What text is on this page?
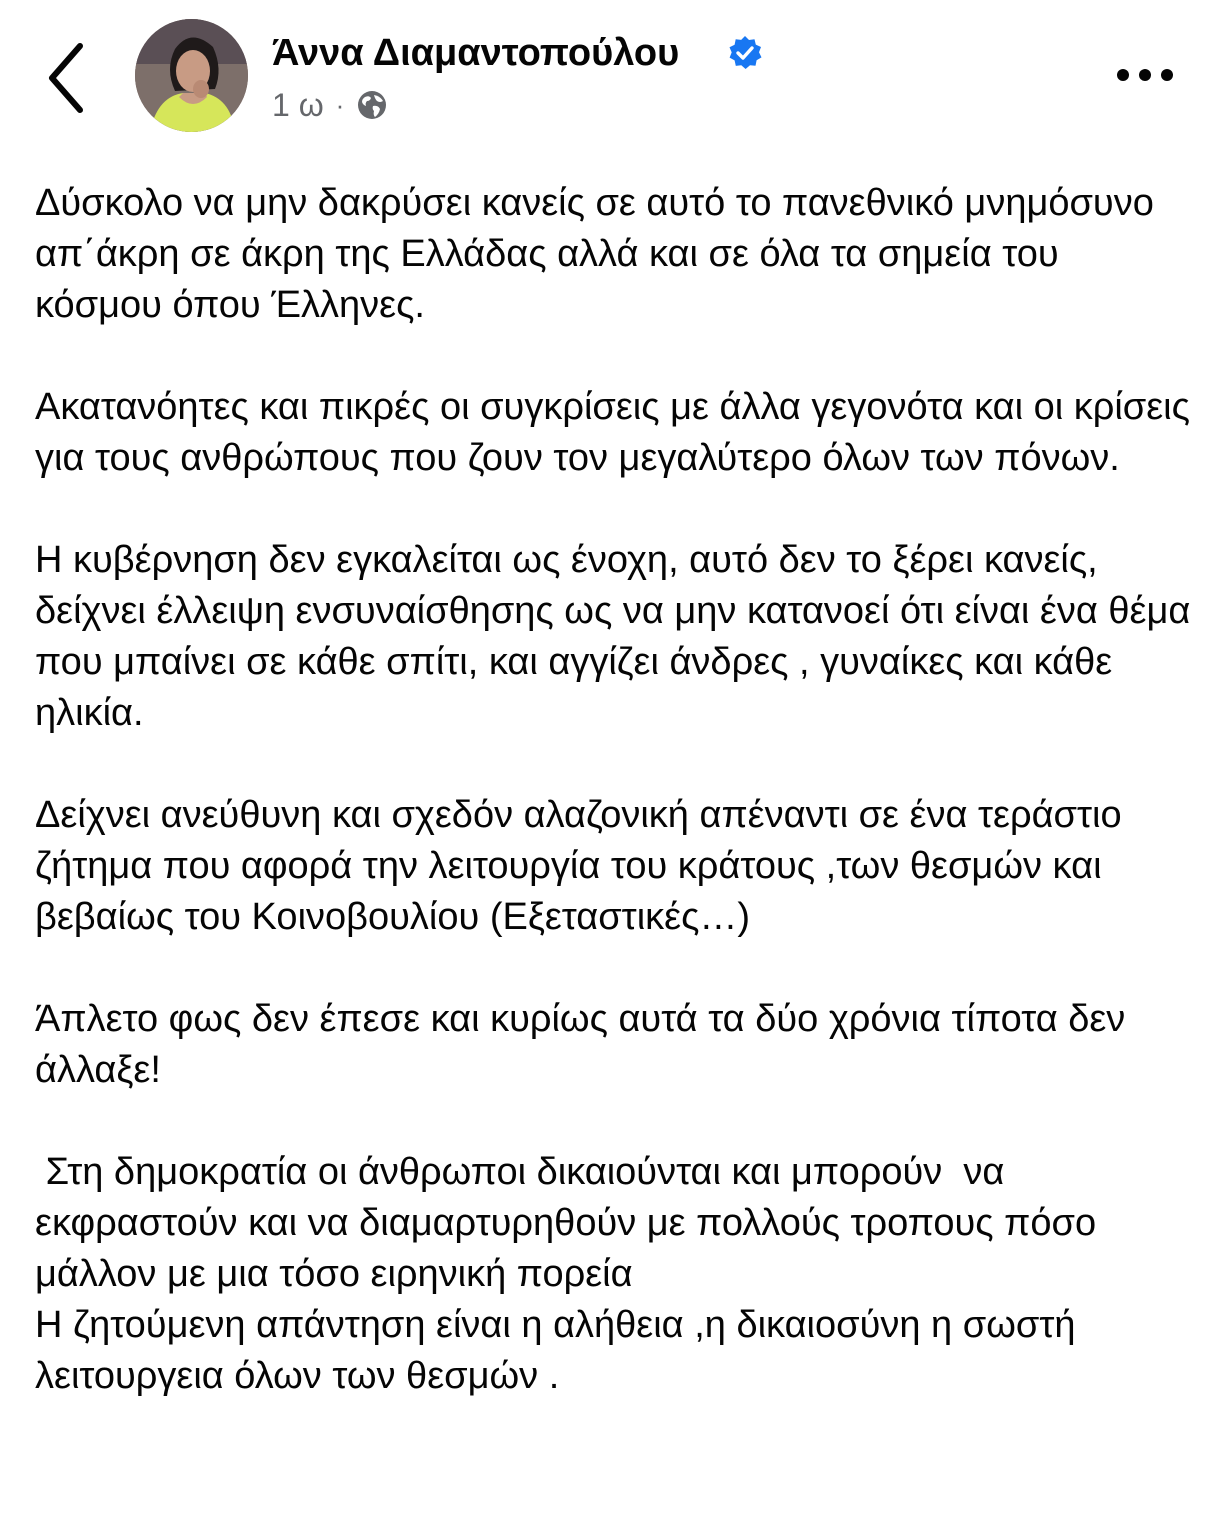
Άννα Διαμαντοπούλου
1 ω ·

Δύσκολο να μην δακρύσει κανείς σε αυτό το πανεθνικό μνημόσυνο απ΄άκρη σε άκρη της Ελλάδας αλλά και σε όλα τα σημεία του κόσμου όπου Έλληνες.

Ακατανόητες και πικρές οι συγκρίσεις με άλλα γεγονότα και οι κρίσεις για τους ανθρώπους που ζουν τον μεγαλύτερο όλων των πόνων.

Η κυβέρνηση δεν εγκαλείται ως ένοχη, αυτό δεν το ξέρει κανείς, δείχνει έλλειψη ενσυναίσθησης ως να μην κατανοεί ότι είναι ένα θέμα που μπαίνει σε κάθε σπίτι, και αγγίζει άνδρες , γυναίκες και κάθε ηλικία.

Δείχνει ανεύθυνη και σχεδόν αλαζονική απέναντι σε ένα τεράστιο ζήτημα που αφορά την λειτουργία του κράτους ,των θεσμών και βεβαίως του Κοινοβουλίου (Εξεταστικές…)

Άπλετο φως δεν έπεσε και κυρίως αυτά τα δύο χρόνια τίποτα δεν άλλαξε!

Στη δημοκρατία οι άνθρωποι δικαιούνται και μπορούν  να εκφραστούν και να διαμαρτυρηθούν με πολλούς τροπους πόσο μάλλον με μια τόσο ειρηνική πορεία
Η ζητούμενη απάντηση είναι η αλήθεια ,η δικαιοσύνη η σωστή λειτουργεια όλων των θεσμών .
